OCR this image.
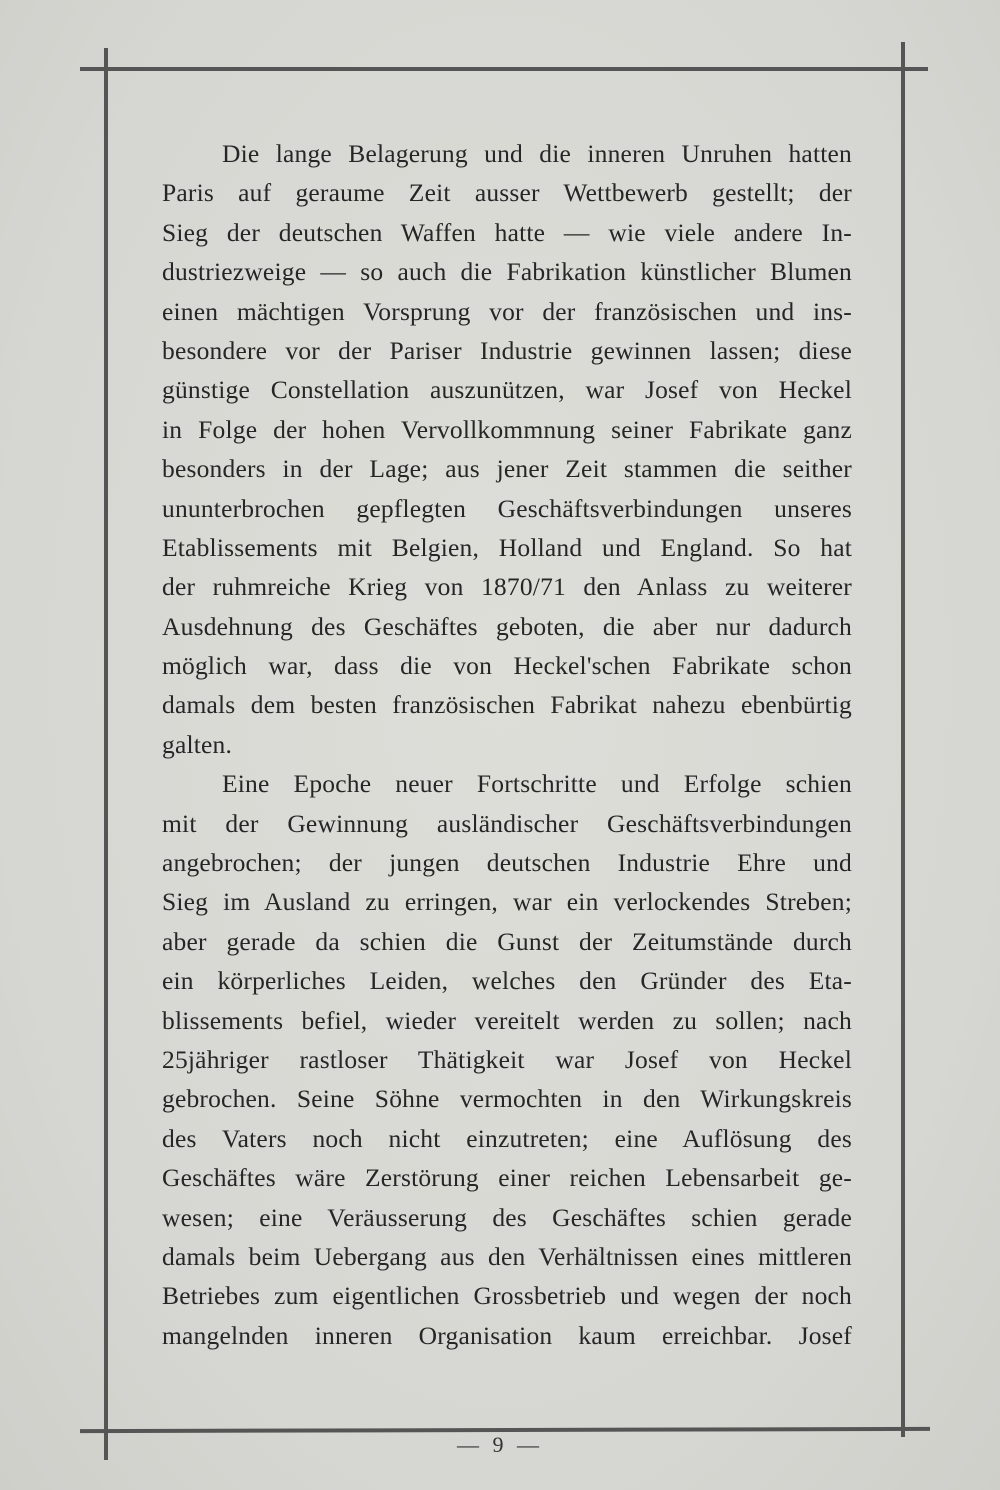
Die lange Belagerung und die inneren Unruhen hatten
Paris auf geraume Zeit ausser Wettbewerb gestellt; der
Sieg der deutschen Waffen hatte — wie viele andere In-
dustriezweige — so auch die Fabrikation künstlicher Blumen
einen mächtigen Vorsprung vor der französischen und ins-
besondere vor der Pariser Industrie gewinnen lassen; diese
günstige Constellation auszunützen, war Josef von Heckel
in Folge der hohen Vervollkommnung seiner Fabrikate ganz
besonders in der Lage; aus jener Zeit stammen die seither
ununterbrochen gepflegten Geschäftsverbindungen unseres
Etablissements mit Belgien, Holland und England. So hat
der ruhmreiche Krieg von 1870/71 den Anlass zu weiterer
Ausdehnung des Geschäftes geboten, die aber nur dadurch
möglich war, dass die von Heckel'schen Fabrikate schon
damals dem besten französischen Fabrikat nahezu ebenbürtig
galten.
Eine Epoche neuer Fortschritte und Erfolge schien
mit der Gewinnung ausländischer Geschäftsverbindungen
angebrochen; der jungen deutschen Industrie Ehre und
Sieg im Ausland zu erringen, war ein verlockendes Streben;
aber gerade da schien die Gunst der Zeitumstände durch
ein körperliches Leiden, welches den Gründer des Eta-
blissements befiel, wieder vereitelt werden zu sollen; nach
25jähriger rastloser Thätigkeit war Josef von Heckel
gebrochen. Seine Söhne vermochten in den Wirkungskreis
des Vaters noch nicht einzutreten; eine Auflösung des
Geschäftes wäre Zerstörung einer reichen Lebensarbeit ge-
wesen; eine Veräusserung des Geschäftes schien gerade
damals beim Uebergang aus den Verhältnissen eines mittleren
Betriebes zum eigentlichen Grossbetrieb und wegen der noch
mangelnden inneren Organisation kaum erreichbar. Josef
— 9 —
